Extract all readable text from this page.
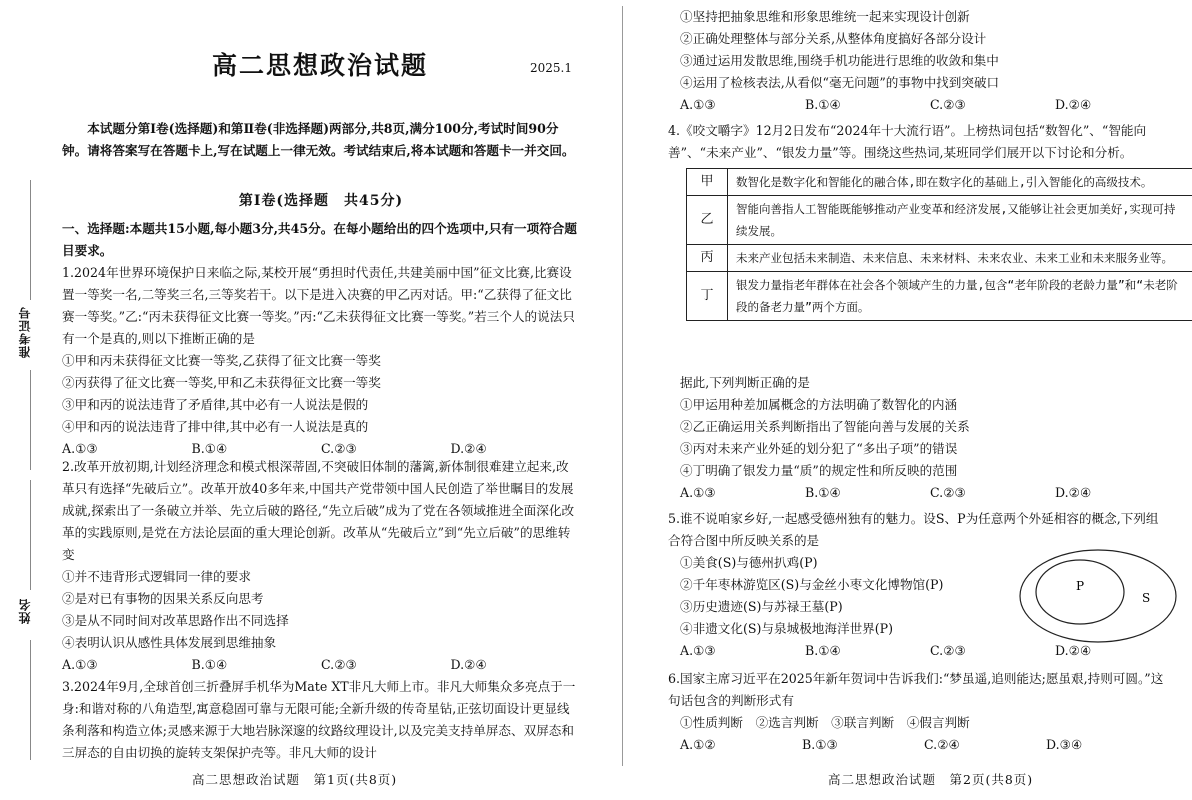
准考证号
姓名
高二思想政治试题	2025.1
本试题分第Ⅰ卷(选择题)和第Ⅱ卷(非选择题)两部分,共8页,满分100分,考试时间90分钟。请将答案写在答题卡上,写在试题上一律无效。考试结束后,将本试题和答题卡一并交回。
第Ⅰ卷(选择题　共45分)
一、选择题:本题共15小题,每小题3分,共45分。在每小题给出的四个选项中,只有一项符合题目要求。
1.2024年世界环境保护日来临之际,某校开展“勇担时代责任,共建美丽中国”征文比赛,比赛设置一等奖一名,二等奖三名,三等奖若干。以下是进入决赛的甲乙丙对话。甲:“乙获得了征文比赛一等奖。”乙:“丙未获得征文比赛一等奖。”丙:“乙未获得征文比赛一等奖。”若三个人的说法只有一个是真的,则以下推断正确的是
①甲和丙未获得征文比赛一等奖,乙获得了征文比赛一等奖
②丙获得了征文比赛一等奖,甲和乙未获得征文比赛一等奖
③甲和丙的说法违背了矛盾律,其中必有一人说法是假的
④甲和丙的说法违背了排中律,其中必有一人说法是真的
A.①③	B.①④	C.②③	D.②④
2.改革开放初期,计划经济理念和模式根深蒂固,不突破旧体制的藩篱,新体制很难建立起来,改革只有选择“先破后立”。改革开放40多年来,中国共产党带领中国人民创造了举世瞩目的发展成就,探索出了一条破立并举、先立后破的路径,“先立后破”成为了党在各领域推进全面深化改革的实践原则,是党在方法论层面的重大理论创新。改革从“先破后立”到“先立后破”的思维转变
①并不违背形式逻辑同一律的要求
②是对已有事物的因果关系反向思考
③是从不同时间对改革思路作出不同选择
④表明认识从感性具体发展到思维抽象
A.①③	B.①④	C.②③	D.②④
3.2024年9月,全球首创三折叠屏手机华为Mate XT非凡大师上市。非凡大师集众多亮点于一身:和谐对称的八角造型,寓意稳固可靠与无限可能;全新升级的传奇星钻,正弦切面设计更显线条利落和构造立体;灵感来源于大地岩脉深邃的纹路纹理设计,以及完美支持单屏态、双屏态和三屏态的自由切换的旋转支架保护壳等。非凡大师的设计
高二思想政治试题　第1页(共8页)
①坚持把抽象思维和形象思维统一起来实现设计创新
②正确处理整体与部分关系,从整体角度搞好各部分设计
③通过运用发散思维,围绕手机功能进行思维的收敛和集中
④运用了检核表法,从看似“毫无问题”的事物中找到突破口
A.①③	B.①④	C.②③	D.②④
4.《咬文嚼字》12月2日发布“2024年十大流行语”。上榜热词包括“数智化”、“智能向善”、“未来产业”、“银发力量”等。围绕这些热词,某班同学们展开以下讨论和分析。
甲	数智化是数字化和智能化的融合体,即在数字化的基础上,引入智能化的高级技术。
乙	智能向善指人工智能既能够推动产业变革和经济发展,又能够让社会更加美好,实现可持续发展。
丙	未来产业包括未来制造、未来信息、未来材料、未来农业、未来工业和未来服务业等。
丁	银发力量指老年群体在社会各个领域产生的力量,包含“老年阶段的老龄力量”和“未老阶段的备老力量”两个方面。
据此,下列判断正确的是
①甲运用种差加属概念的方法明确了数智化的内涵
②乙正确运用关系判断指出了智能向善与发展的关系
③丙对未来产业外延的划分犯了“多出子项”的错误
④丁明确了银发力量“质”的规定性和所反映的范围
A.①③	B.①④	C.②③	D.②④
5.谁不说咱家乡好,一起感受德州独有的魅力。设S、P为任意两个外延相容的概念,下列组合符合图中所反映关系的是
①美食(S)与德州扒鸡(P)
②千年枣林游览区(S)与金丝小枣文化博物馆(P)
③历史遗迹(S)与苏禄王墓(P)
④非遗文化(S)与泉城极地海洋世界(P)
A.①③	B.①④	C.②③	D.②④
P
S
6.国家主席习近平在2025年新年贺词中告诉我们:“梦虽遥,追则能达;愿虽艰,持则可圆。”这句话包含的判断形式有
①性质判断　②选言判断　③联言判断　④假言判断
A.①②	B.①③	C.②④	D.③④
高二思想政治试题　第2页(共8页)
